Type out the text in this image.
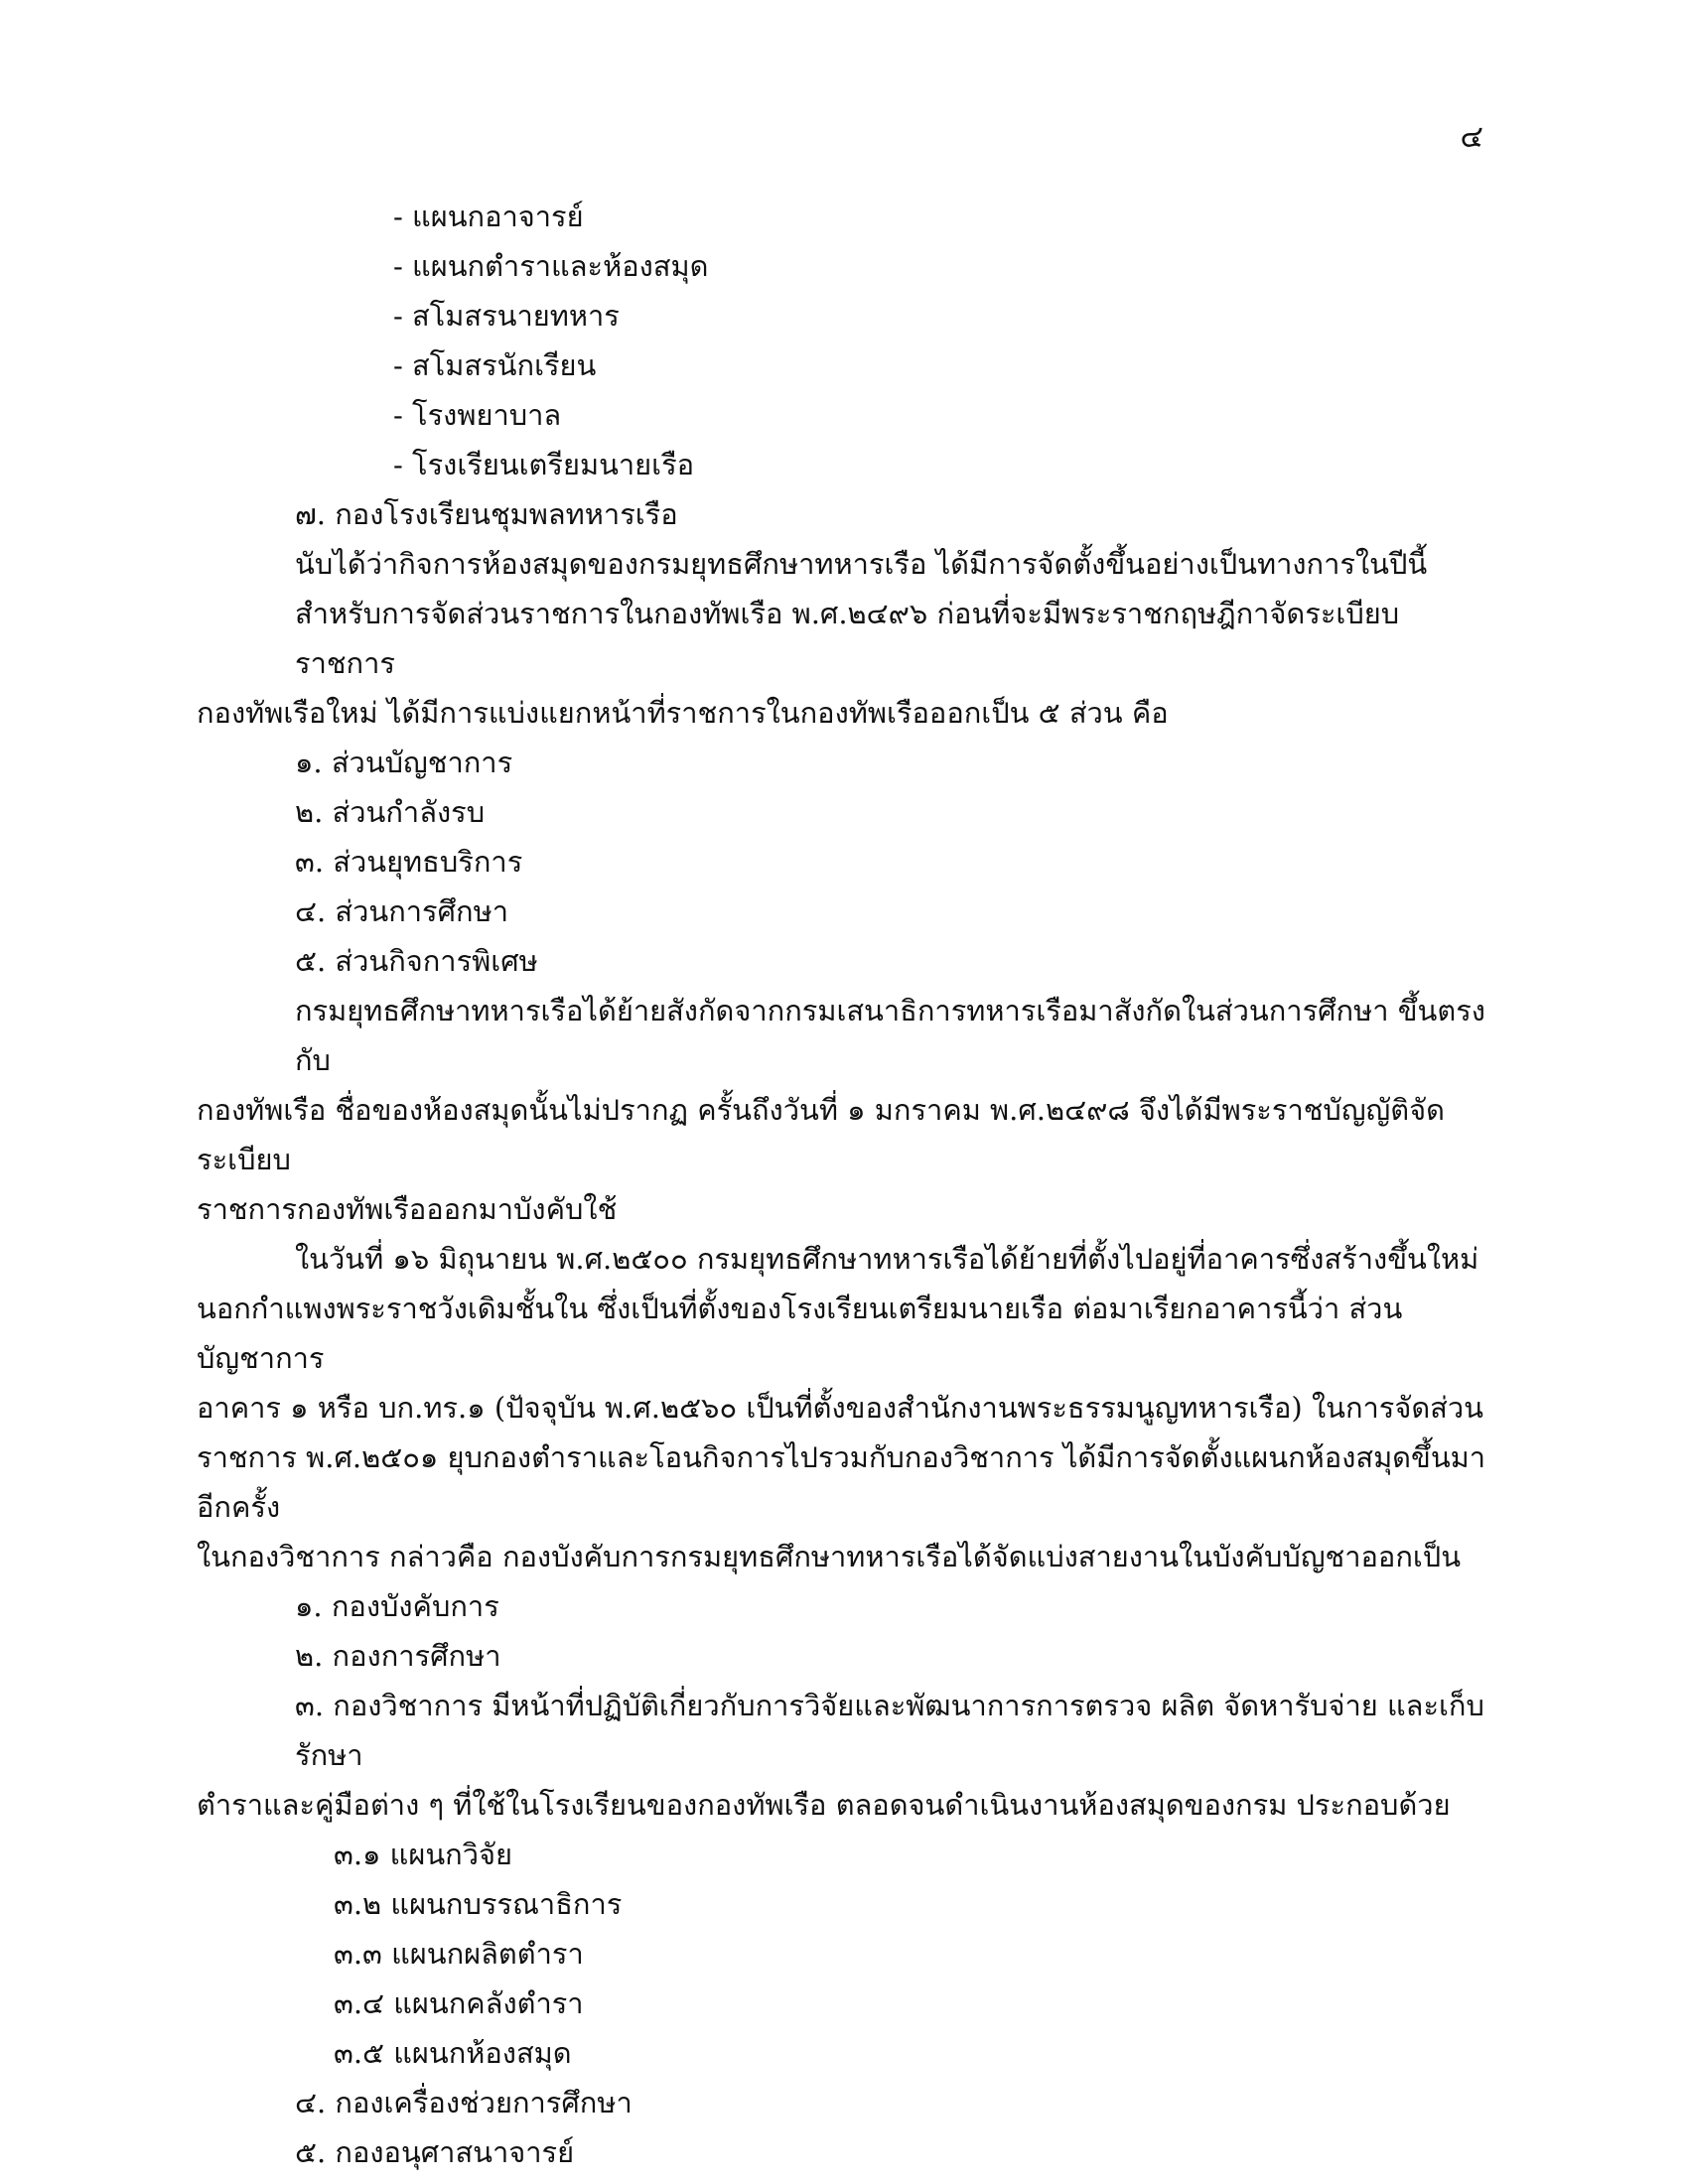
๔

- แผนกอาจารย์

- แผนกตำราและห้องสมุด

- สโมสรนายทหาร

- สโมสรนักเรียน

- โรงพยาบาล

- โรงเรียนเตรียมนายเรือ

๗. กองโรงเรียนชุมพลทหารเรือ

นับได้ว่ากิจการห้องสมุดของกรมยุทธศึกษาทหารเรือ ได้มีการจัดตั้งขึ้นอย่างเป็นทางการในปีนี้

สำหรับการจัดส่วนราชการในกองทัพเรือ พ.ศ.๒๔๙๖ ก่อนที่จะมีพระราชกฤษฎีกาจัดระเบียบราชการ

กองทัพเรือใหม่ ได้มีการแบ่งแยกหน้าที่ราชการในกองทัพเรือออกเป็น ๕ ส่วน คือ

๑. ส่วนบัญชาการ

๒. ส่วนกำลังรบ

๓. ส่วนยุทธบริการ

๔. ส่วนการศึกษา

๕. ส่วนกิจการพิเศษ

กรมยุทธศึกษาทหารเรือได้ย้ายสังกัดจากกรมเสนาธิการทหารเรือมาสังกัดในส่วนการศึกษา ขึ้นตรงกับ

กองทัพเรือ ชื่อของห้องสมุดนั้นไม่ปรากฏ ครั้นถึงวันที่ ๑ มกราคม พ.ศ.๒๔๙๘ จึงได้มีพระราชบัญญัติจัดระเบียบ

ราชการกองทัพเรือออกมาบังคับใช้

ในวันที่ ๑๖ มิถุนายน พ.ศ.๒๕๐๐ กรมยุทธศึกษาทหารเรือได้ย้ายที่ตั้งไปอยู่ที่อาคารซึ่งสร้างขึ้นใหม่

นอกกำแพงพระราชวังเดิมชั้นใน ซึ่งเป็นที่ตั้งของโรงเรียนเตรียมนายเรือ ต่อมาเรียกอาคารนี้ว่า ส่วนบัญชาการ

อาคาร ๑ หรือ บก.ทร.๑ (ปัจจุบัน พ.ศ.๒๕๖๐ เป็นที่ตั้งของสำนักงานพระธรรมนูญทหารเรือ) ในการจัดส่วน

ราชการ พ.ศ.๒๕๐๑ ยุบกองตำราและโอนกิจการไปรวมกับกองวิชาการ ได้มีการจัดตั้งแผนกห้องสมุดขึ้นมาอีกครั้ง

ในกองวิชาการ กล่าวคือ กองบังคับการกรมยุทธศึกษาทหารเรือได้จัดแบ่งสายงานในบังคับบัญชาออกเป็น

๑. กองบังคับการ

๒. กองการศึกษา

๓. กองวิชาการ มีหน้าที่ปฏิบัติเกี่ยวกับการวิจัยและพัฒนาการการตรวจ ผลิต จัดหารับจ่าย และเก็บรักษา

ตำราและคู่มือต่าง ๆ ที่ใช้ในโรงเรียนของกองทัพเรือ ตลอดจนดำเนินงานห้องสมุดของกรม ประกอบด้วย

๓.๑ แผนกวิจัย

๓.๒ แผนกบรรณาธิการ

๓.๓ แผนกผลิตตำรา

๓.๔ แผนกคลังตำรา

๓.๕ แผนกห้องสมุด

๔. กองเครื่องช่วยการศึกษา

๕. กองอนุศาสนาจารย์
